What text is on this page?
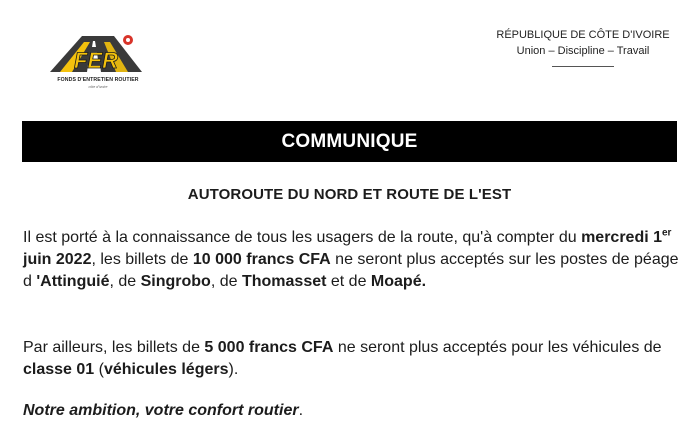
FER
FONDS D'ENTRETIEN ROUTIER
côte d'ivoire
RÉPUBLIQUE DE CÔTE D'IVOIRE
Union – Discipline – Travail
COMMUNIQUE
AUTOROUTE DU NORD ET ROUTE DE L'EST
Il est porté à la connaissance de tous les usagers de la route, qu'à compter du mercredi 1er juin 2022, les billets de 10 000 francs CFA ne seront plus acceptés sur les postes de péage d 'Attinguié, de Singrobo, de Thomasset et de Moapé.
Par ailleurs, les billets de 5 000 francs CFA ne seront plus acceptés pour les véhicules de classe 01 (véhicules légers).
Notre ambition, votre confort routier.
